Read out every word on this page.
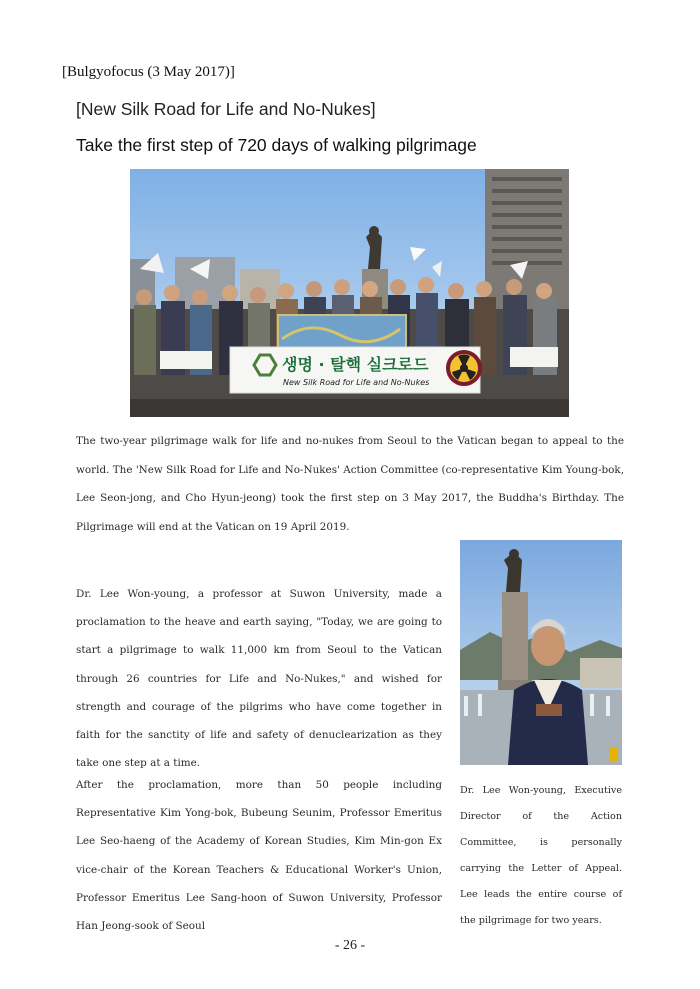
[Bulgyofocus (3 May 2017)]
[New Silk Road for Life and No-Nukes]
Take the first step of 720 days of walking pilgrimage
생명 · 탈핵 실크로드
New Silk Road for Life and No-Nukes
The two-year pilgrimage walk for life and no-nukes from Seoul to the Vatican began to appeal to the world. The 'New Silk Road for Life and No-Nukes' Action Committee (co-representative Kim Young-bok, Lee Seon-jong, and Cho Hyun-jeong) took the first step on 3 May 2017, the Buddha's Birthday. The Pilgrimage will end at the Vatican on 19 April 2019.
Dr. Lee Won-young, a professor at Suwon University, made a proclamation to the heave and earth saying, "Today, we are going to start a pilgrimage to walk 11,000 km from Seoul to the Vatican through 26 countries for Life and No-Nukes," and wished for strength and courage of the pilgrims who have come together in faith for the sanctity of life and safety of denuclearization as they take one step at a time.
After the proclamation, more than 50 people including Representative Kim Yong-bok, Bubeung Seunim, Professor Emeritus Lee Seo-haeng of the Academy of Korean Studies, Kim Min-gon Ex vice-chair of the Korean Teachers & Educational Worker's Union, Professor Emeritus Lee Sang-hoon of Suwon University, Professor Han Jeong-sook of Seoul
Dr. Lee Won-young, Executive Director of the Action Committee, is personally carrying the Letter of Appeal. Lee leads the entire course of the pilgrimage for two years.
- 26 -
